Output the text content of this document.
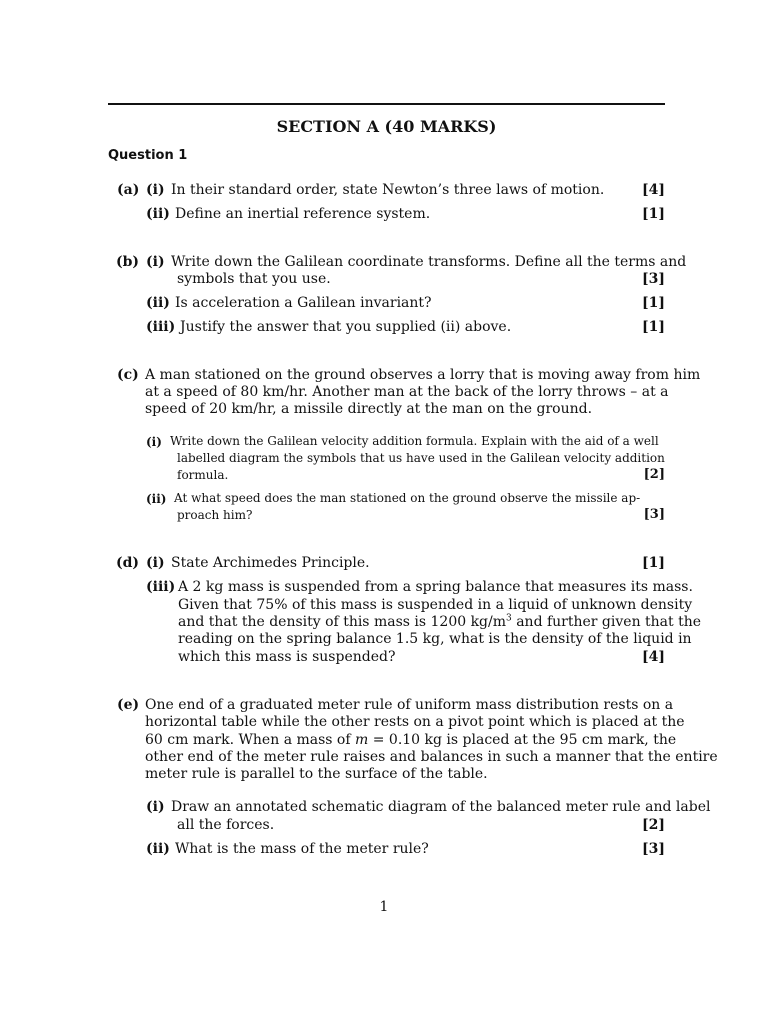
SECTION A (40 MARKS)
Question 1
(a) (i) In their standard order, state Newton’s three laws of motion.	[4]
(ii) Define an inertial reference system.	[1]
(b) (i) Write down the Galilean coordinate transforms. Define all the terms and
symbols that you use.	[3]
(ii) Is acceleration a Galilean invariant?	[1]
(iii) Justify the answer that you supplied (ii) above.	[1]
(c) A man stationed on the ground observes a lorry that is moving away from him
at a speed of 80 km/hr. Another man at the back of the lorry throws – at a
speed of 20 km/hr, a missile directly at the man on the ground.
(i) Write down the Galilean velocity addition formula. Explain with the aid of a well
labelled diagram the symbols that us have used in the Galilean velocity addition
formula.	[2]
(ii) At what speed does the man stationed on the ground observe the missile ap-
proach him?	[3]
(d) (i) State Archimedes Principle.	[1]
(iii) A 2 kg mass is suspended from a spring balance that measures its mass.
Given that 75% of this mass is suspended in a liquid of unknown density
and that the density of this mass is 1200 $kg/m^3$ and further given that the
reading on the spring balance 1.5 kg, what is the density of the liquid in
which this mass is suspended?	[4]
(e) One end of a graduated meter rule of uniform mass distribution rests on a
horizontal table while the other rests on a pivot point which is placed at the
60 cm mark. When a mass of m = 0.10 kg is placed at the 95 cm mark, the
other end of the meter rule raises and balances in such a manner that the entire
meter rule is parallel to the surface of the table.
(i) Draw an annotated schematic diagram of the balanced meter rule and label
all the forces.	[2]
(ii) What is the mass of the meter rule?	[3]
1
